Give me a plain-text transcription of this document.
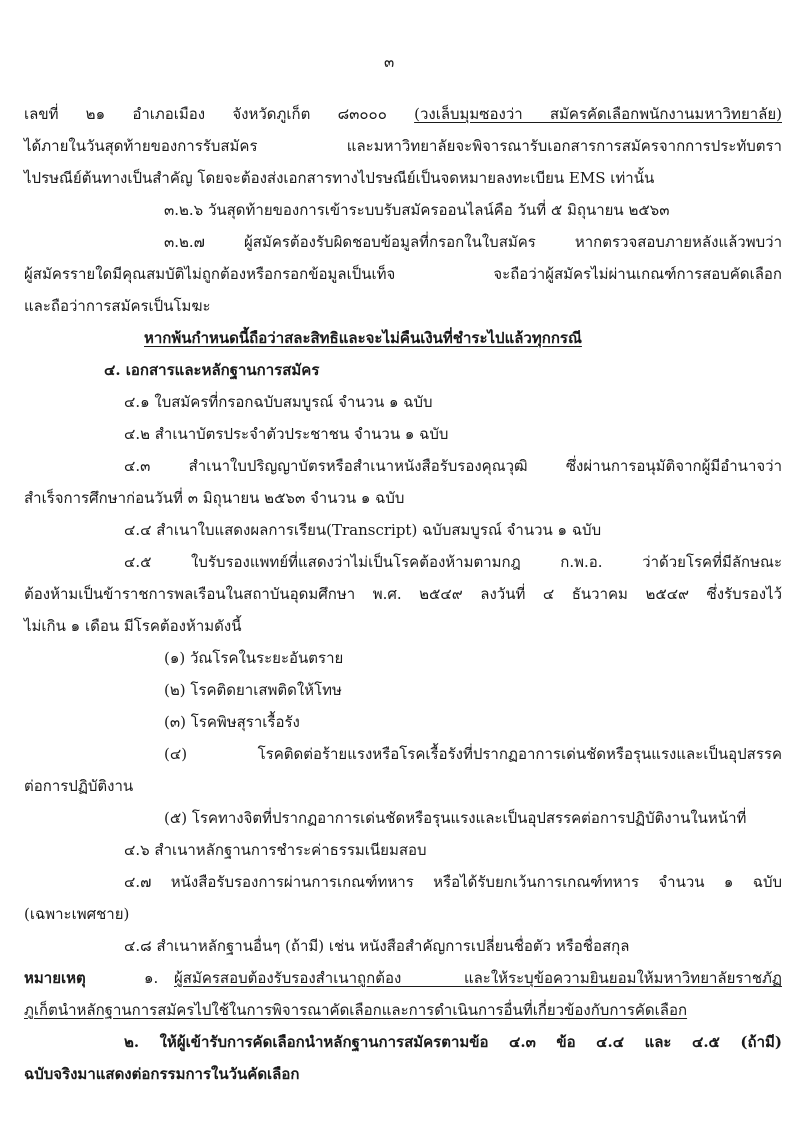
๓
เลขที่ ๒๑ อำเภอเมือง จังหวัดภูเก็ต ๘๓๐๐๐ (วงเล็บมุมซองว่า สมัครคัดเลือกพนักงานมหาวิทยาลัย)
ได้ภายในวันสุดท้ายของการรับสมัคร และมหาวิทยาลัยจะพิจารณารับเอกสารการสมัครจากการประทับตรา
ไปรษณีย์ต้นทางเป็นสำคัญ โดยจะต้องส่งเอกสารทางไปรษณีย์เป็นจดหมายลงทะเบียน EMS เท่านั้น
๓.๒.๖ วันสุดท้ายของการเข้าระบบรับสมัครออนไลน์คือ วันที่ ๕ มิถุนายน ๒๕๖๓
๓.๒.๗ ผู้สมัครต้องรับผิดชอบข้อมูลที่กรอกในใบสมัคร หากตรวจสอบภายหลังแล้วพบว่า
ผู้สมัครรายใดมีคุณสมบัติไม่ถูกต้องหรือกรอกข้อมูลเป็นเท็จ จะถือว่าผู้สมัครไม่ผ่านเกณฑ์การสอบคัดเลือก
และถือว่าการสมัครเป็นโมฆะ
หากพ้นกำหนดนี้ถือว่าสละสิทธิและจะไม่คืนเงินที่ชำระไปแล้วทุกกรณี
๔. เอกสารและหลักฐานการสมัคร
๔.๑ ใบสมัครที่กรอกฉบับสมบูรณ์ จำนวน ๑ ฉบับ
๔.๒ สำเนาบัตรประจำตัวประชาชน จำนวน ๑ ฉบับ
๔.๓ สำเนาใบปริญญาบัตรหรือสำเนาหนังสือรับรองคุณวุฒิ ซึ่งผ่านการอนุมัติจากผู้มีอำนาจว่า
สำเร็จการศึกษาก่อนวันที่ ๓ มิถุนายน ๒๕๖๓ จำนวน ๑ ฉบับ
๔.๔ สำเนาใบแสดงผลการเรียน(Transcript) ฉบับสมบูรณ์ จำนวน ๑ ฉบับ
๔.๕ ใบรับรองแพทย์ที่แสดงว่าไม่เป็นโรคต้องห้ามตามกฎ ก.พ.อ. ว่าด้วยโรคที่มีลักษณะ
ต้องห้ามเป็นข้าราชการพลเรือนในสถาบันอุดมศึกษา พ.ศ. ๒๕๔๙ ลงวันที่ ๔ ธันวาคม ๒๕๔๙ ซึ่งรับรองไว้
ไม่เกิน ๑ เดือน มีโรคต้องห้ามดังนี้
(๑) วัณโรคในระยะอันตราย
(๒) โรคติดยาเสพติดให้โทษ
(๓) โรคพิษสุราเรื้อรัง
(๔) โรคติดต่อร้ายแรงหรือโรคเรื้อรังที่ปรากฏอาการเด่นชัดหรือรุนแรงและเป็นอุปสรรค
ต่อการปฏิบัติงาน
(๕) โรคทางจิตที่ปรากฏอาการเด่นชัดหรือรุนแรงและเป็นอุปสรรคต่อการปฏิบัติงานในหน้าที่
๔.๖ สำเนาหลักฐานการชำระค่าธรรมเนียมสอบ
๔.๗ หนังสือรับรองการผ่านการเกณฑ์ทหาร หรือได้รับยกเว้นการเกณฑ์ทหาร จำนวน ๑ ฉบับ
(เฉพาะเพศชาย)
๔.๘ สำเนาหลักฐานอื่นๆ (ถ้ามี) เช่น หนังสือสำคัญการเปลี่ยนชื่อตัว หรือชื่อสกุล
หมายเหตุ	๑. ผู้สมัครสอบต้องรับรองสำเนาถูกต้อง และให้ระบุข้อความยินยอมให้มหาวิทยาลัยราชภัฏ
ภูเก็ตนำหลักฐานการสมัครไปใช้ในการพิจารณาคัดเลือกและการดำเนินการอื่นที่เกี่ยวข้องกับการคัดเลือก
๒. ให้ผู้เข้ารับการคัดเลือกนำหลักฐานการสมัครตามข้อ ๔.๓ ข้อ ๔.๔ และ ๔.๕ (ถ้ามี)
ฉบับจริงมาแสดงต่อกรรมการในวันคัดเลือก
